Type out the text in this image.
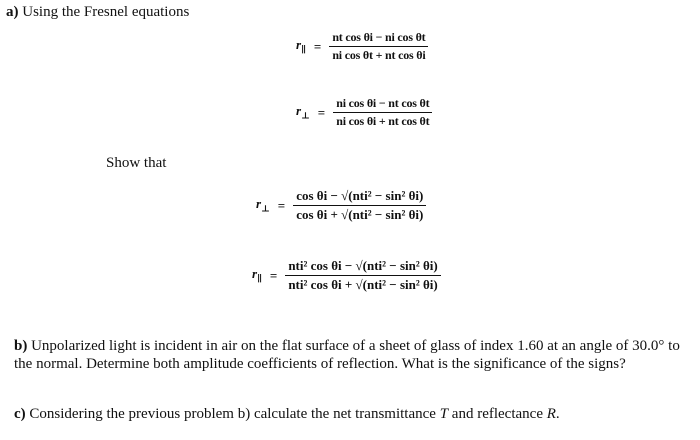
a) Using the Fresnel equations
$r_\parallel = \frac{\text{nt cos θi − ni cos θt}}{\text{ni cos θt + nt cos θi}}$
$r_\perp = \frac{\text{ni cos θi − nt cos θt}}{\text{ni cos θi + nt cos θt}}$
Show that
$r_\perp = \frac{\text{cos θi − √(nti² − sin² θi)}}{\text{cos θi + √(nti² − sin² θi)}}$
$r_\parallel = \frac{\text{nti² cos θi − √(nti² − sin² θi)}}{\text{nti² cos θi + √(nti² − sin² θi)}}$
b) Unpolarized light is incident in air on the flat surface of a sheet of glass of index 1.60 at an angle of 30.0° to the normal. Determine both amplitude coefficients of reflection. What is the significance of the signs?
c) Considering the previous problem b) calculate the net transmittance T and reflectance R.
